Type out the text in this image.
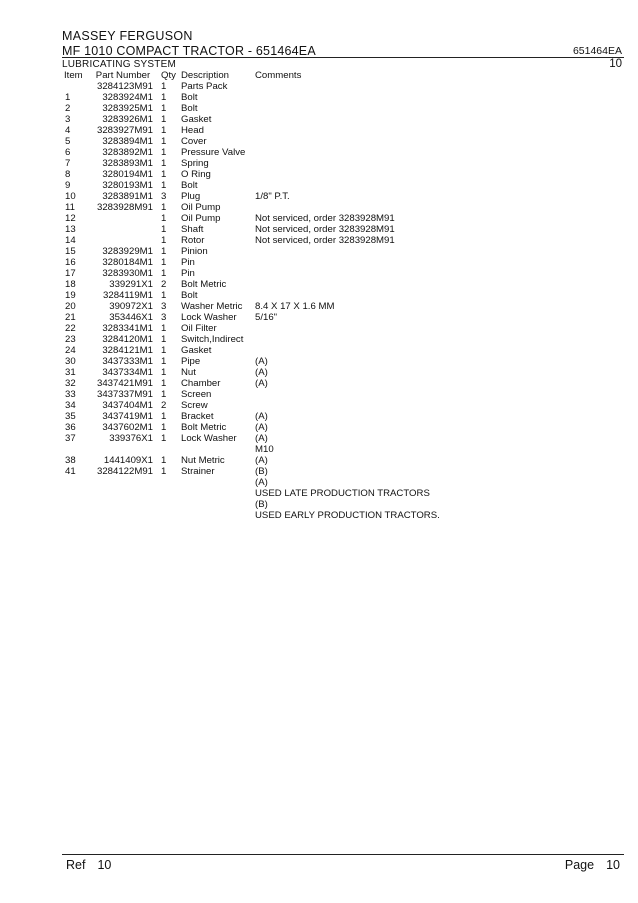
MASSEY FERGUSON
MF 1010 COMPACT TRACTOR - 651464EA	651464EA
LUBRICATING SYSTEM	10
Item	Part Number	Qty	Description	Comments
	3284123M91	1	Parts Pack	
1	3283924M1	1	Bolt	
2	3283925M1	1	Bolt	
3	3283926M1	1	Gasket	
4	3283927M91	1	Head	
5	3283894M1	1	Cover	
6	3283892M1	1	Pressure Valve	
7	3283893M1	1	Spring	
8	3280194M1	1	O Ring	
9	3280193M1	1	Bolt	
10	3283891M1	3	Plug	1/8" P.T.
11	3283928M91	1	Oil Pump	
12		1	Oil Pump	Not serviced, order 3283928M91
13		1	Shaft	Not serviced, order 3283928M91
14		1	Rotor	Not serviced, order 3283928M91
15	3283929M1	1	Pinion	
16	3280184M1	1	Pin	
17	3283930M1	1	Pin	
18	339291X1	2	Bolt Metric	
19	3284119M1	1	Bolt	
20	390972X1	3	Washer Metric	8.4 X 17 X 1.6 MM
21	353446X1	3	Lock Washer	5/16"
22	3283341M1	1	Oil Filter	
23	3284120M1	1	Switch,Indirect	
24	3284121M1	1	Gasket	
30	3437333M1	1	Pipe	(A)
31	3437334M1	1	Nut	(A)
32	3437421M91	1	Chamber	(A)
33	3437337M91	1	Screen	
34	3437404M1	2	Screw	
35	3437419M1	1	Bracket	(A)
36	3437602M1	1	Bolt Metric	(A)
37	339376X1	1	Lock Washer	(A)
				M10
38	1441409X1	1	Nut Metric	(A)
41	3284122M91	1	Strainer	(B)
				(A)
				USED LATE PRODUCTION TRACTORS
				(B)
				USED EARLY PRODUCTION TRACTORS.
Ref 10	Page 10
